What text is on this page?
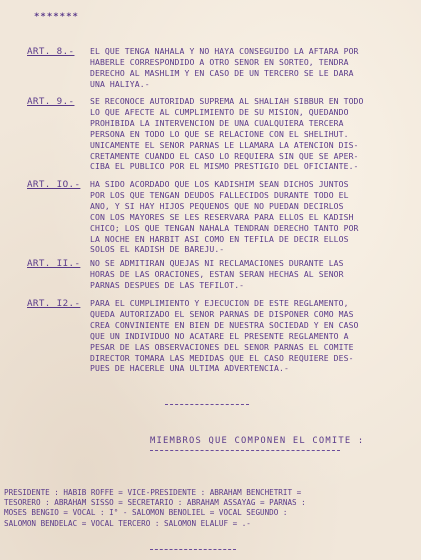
*******
ART. 8.- EL QUE TENGA NAHALA Y NO HAYA CONSEGUIDO LA AFTARA POR
HABERLE CORRESPONDIDO A OTRO SENOR EN SORTEO, TENDRA
DERECHO AL MASHLIM Y EN CASO DE UN TERCERO SE LE DARA
UNA HALIYA.-
ART. 9.- SE RECONOCE AUTORIDAD SUPREMA AL SHALIAH SIBBUR EN TODO
LO QUE AFECTE AL CUMPLIMIENTO DE SU MISION, QUEDANDO
PROHIBIDA LA INTERVENCION DE UNA CUALQUIERA TERCERA
PERSONA EN TODO LO QUE SE RELACIONE CON EL SHELIHUT.
UNICAMENTE EL SENOR PARNAS LE LLAMARA LA ATENCION DIS-
CRETAMENTE CUANDO EL CASO LO REQUIERA SIN QUE SE APER-
CIBA EL PUBLICO POR EL MISMO PRESTIGIO DEL OFICIANTE.-
ART. IO.- HA SIDO ACORDADO QUE LOS KADISHIM SEAN DICHOS JUNTOS
POR LOS QUE TENGAN DEUDOS FALLECIDOS DURANTE TODO EL
ANO, Y SI HAY HIJOS PEQUENOS QUE NO PUEDAN DECIRLOS
CON LOS MAYORES SE LES RESERVARA PARA ELLOS EL KADISH
CHICO; LOS QUE TENGAN NAHALA TENDRAN DERECHO TANTO POR
LA NOCHE EN HARBIT ASI COMO EN TEFILA DE DECIR ELLOS
SOLOS EL KADISH DE BAREJU.-
ART. II.- NO SE ADMITIRAN QUEJAS NI RECLAMACIONES DURANTE LAS
HORAS DE LAS ORACIONES, ESTAN SERAN HECHAS AL SENOR
PARNAS DESPUES DE LAS TEFILOT.-
ART. I2.- PARA EL CUMPLIMIENTO Y EJECUCION DE ESTE REGLAMENTO,
QUEDA AUTORIZADO EL SENOR PARNAS DE DISPONER COMO MAS
CREA CONVINIENTE EN BIEN DE NUESTRA SOCIEDAD Y EN CASO
QUE UN INDIVIDUO NO ACATARE EL PRESENTE REGLAMENTO A
PESAR DE LAS OBSERVACIONES DEL SENOR PARNAS EL COMITE
DIRECTOR TOMARA LAS MEDIDAS QUE EL CASO REQUIERE DES-
PUES DE HACERLE UNA ULTIMA ADVERTENCIA.-
MIEMBROS QUE COMPONEN EL COMITE :
PRESIDENTE : HABIB ROFFE = VICE-PRESIDENTE : ABRAHAM BENCHETRIT =
TESORERO : ABRAHAM SISSO = SECRETARIO : ABRAHAM ASSAYAG = PARNAS :
MOSES BENGIO = VOCAL : I° - SALOMON BENOLIEL = VOCAL SEGUNDO :
SALOMON BENDELAC = VOCAL TERCERO : SALOMON ELALUF = .-
